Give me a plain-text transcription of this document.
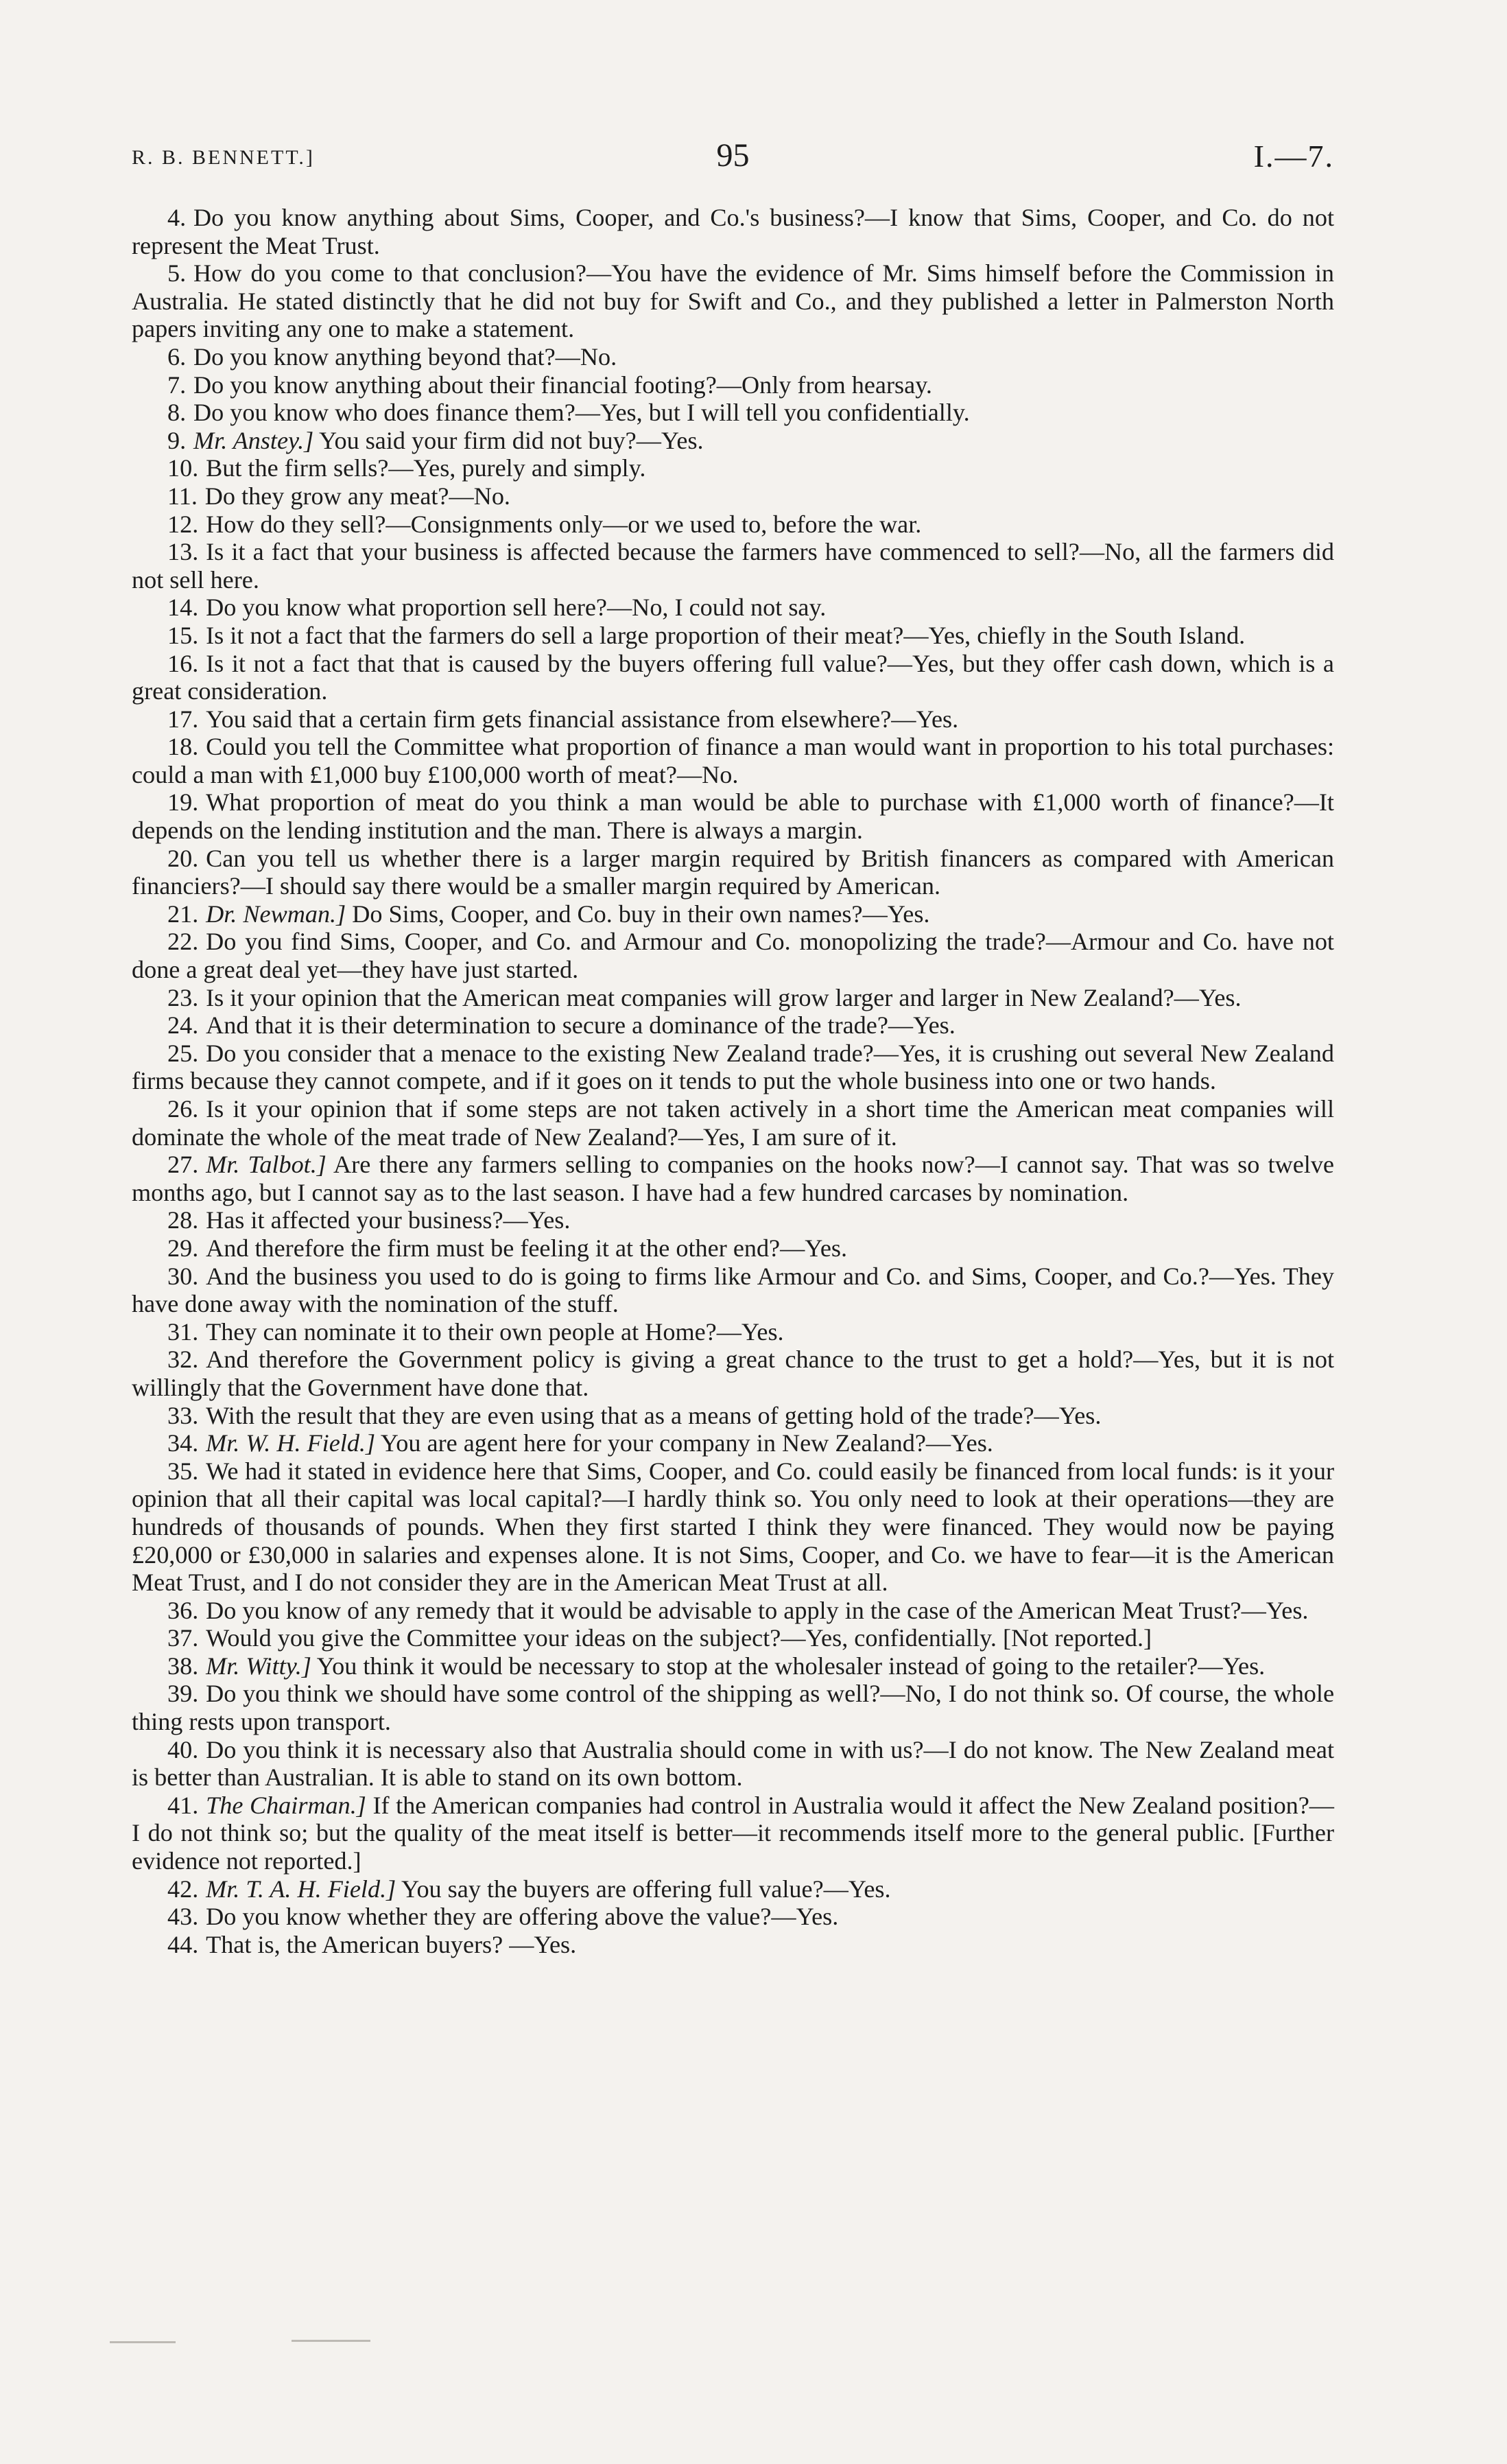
R. B. BENNETT.]	95	I.—7.

4. Do you know anything about Sims, Cooper, and Co.'s business?—I know that Sims, Cooper, and Co. do not represent the Meat Trust.

5. How do you come to that conclusion?—You have the evidence of Mr. Sims himself before the Commission in Australia. He stated distinctly that he did not buy for Swift and Co., and they published a letter in Palmerston North papers inviting any one to make a statement.

6. Do you know anything beyond that?—No.

7. Do you know anything about their financial footing?—Only from hearsay.

8. Do you know who does finance them?—Yes, but I will tell you confidentially.

9. Mr. Anstey.] You said your firm did not buy?—Yes.

10. But the firm sells?—Yes, purely and simply.

11. Do they grow any meat?—No.

12. How do they sell?—Consignments only—or we used to, before the war.

13. Is it a fact that your business is affected because the farmers have commenced to sell?—No, all the farmers did not sell here.

14. Do you know what proportion sell here?—No, I could not say.

15. Is it not a fact that the farmers do sell a large proportion of their meat?—Yes, chiefly in the South Island.

16. Is it not a fact that that is caused by the buyers offering full value?—Yes, but they offer cash down, which is a great consideration.

17. You said that a certain firm gets financial assistance from elsewhere?—Yes.

18. Could you tell the Committee what proportion of finance a man would want in proportion to his total purchases: could a man with £1,000 buy £100,000 worth of meat?—No.

19. What proportion of meat do you think a man would be able to purchase with £1,000 worth of finance?—It depends on the lending institution and the man. There is always a margin.

20. Can you tell us whether there is a larger margin required by British financers as compared with American financiers?—I should say there would be a smaller margin required by American.

21. Dr. Newman.] Do Sims, Cooper, and Co. buy in their own names?—Yes.

22. Do you find Sims, Cooper, and Co. and Armour and Co. monopolizing the trade?—Armour and Co. have not done a great deal yet—they have just started.

23. Is it your opinion that the American meat companies will grow larger and larger in New Zealand?—Yes.

24. And that it is their determination to secure a dominance of the trade?—Yes.

25. Do you consider that a menace to the existing New Zealand trade?—Yes, it is crushing out several New Zealand firms because they cannot compete, and if it goes on it tends to put the whole business into one or two hands.

26. Is it your opinion that if some steps are not taken actively in a short time the American meat companies will dominate the whole of the meat trade of New Zealand?—Yes, I am sure of it.

27. Mr. Talbot.] Are there any farmers selling to companies on the hooks now?—I cannot say. That was so twelve months ago, but I cannot say as to the last season. I have had a few hundred carcases by nomination.

28. Has it affected your business?—Yes.

29. And therefore the firm must be feeling it at the other end?—Yes.

30. And the business you used to do is going to firms like Armour and Co. and Sims, Cooper, and Co.?—Yes. They have done away with the nomination of the stuff.

31. They can nominate it to their own people at Home?—Yes.

32. And therefore the Government policy is giving a great chance to the trust to get a hold?—Yes, but it is not willingly that the Government have done that.

33. With the result that they are even using that as a means of getting hold of the trade?—Yes.

34. Mr. W. H. Field.] You are agent here for your company in New Zealand?—Yes.

35. We had it stated in evidence here that Sims, Cooper, and Co. could easily be financed from local funds: is it your opinion that all their capital was local capital?—I hardly think so. You only need to look at their operations—they are hundreds of thousands of pounds. When they first started I think they were financed. They would now be paying £20,000 or £30,000 in salaries and expenses alone. It is not Sims, Cooper, and Co. we have to fear—it is the American Meat Trust, and I do not consider they are in the American Meat Trust at all.

36. Do you know of any remedy that it would be advisable to apply in the case of the American Meat Trust?—Yes.

37. Would you give the Committee your ideas on the subject?—Yes, confidentially. [Not reported.]

38. Mr. Witty.] You think it would be necessary to stop at the wholesaler instead of going to the retailer?—Yes.

39. Do you think we should have some control of the shipping as well?—No, I do not think so. Of course, the whole thing rests upon transport.

40. Do you think it is necessary also that Australia should come in with us?—I do not know. The New Zealand meat is better than Australian. It is able to stand on its own bottom.

41. The Chairman.] If the American companies had control in Australia would it affect the New Zealand position?—I do not think so; but the quality of the meat itself is better—it recommends itself more to the general public. [Further evidence not reported.]

42. Mr. T. A. H. Field.] You say the buyers are offering full value?—Yes.

43. Do you know whether they are offering above the value?—Yes.

44. That is, the American buyers? —Yes.
